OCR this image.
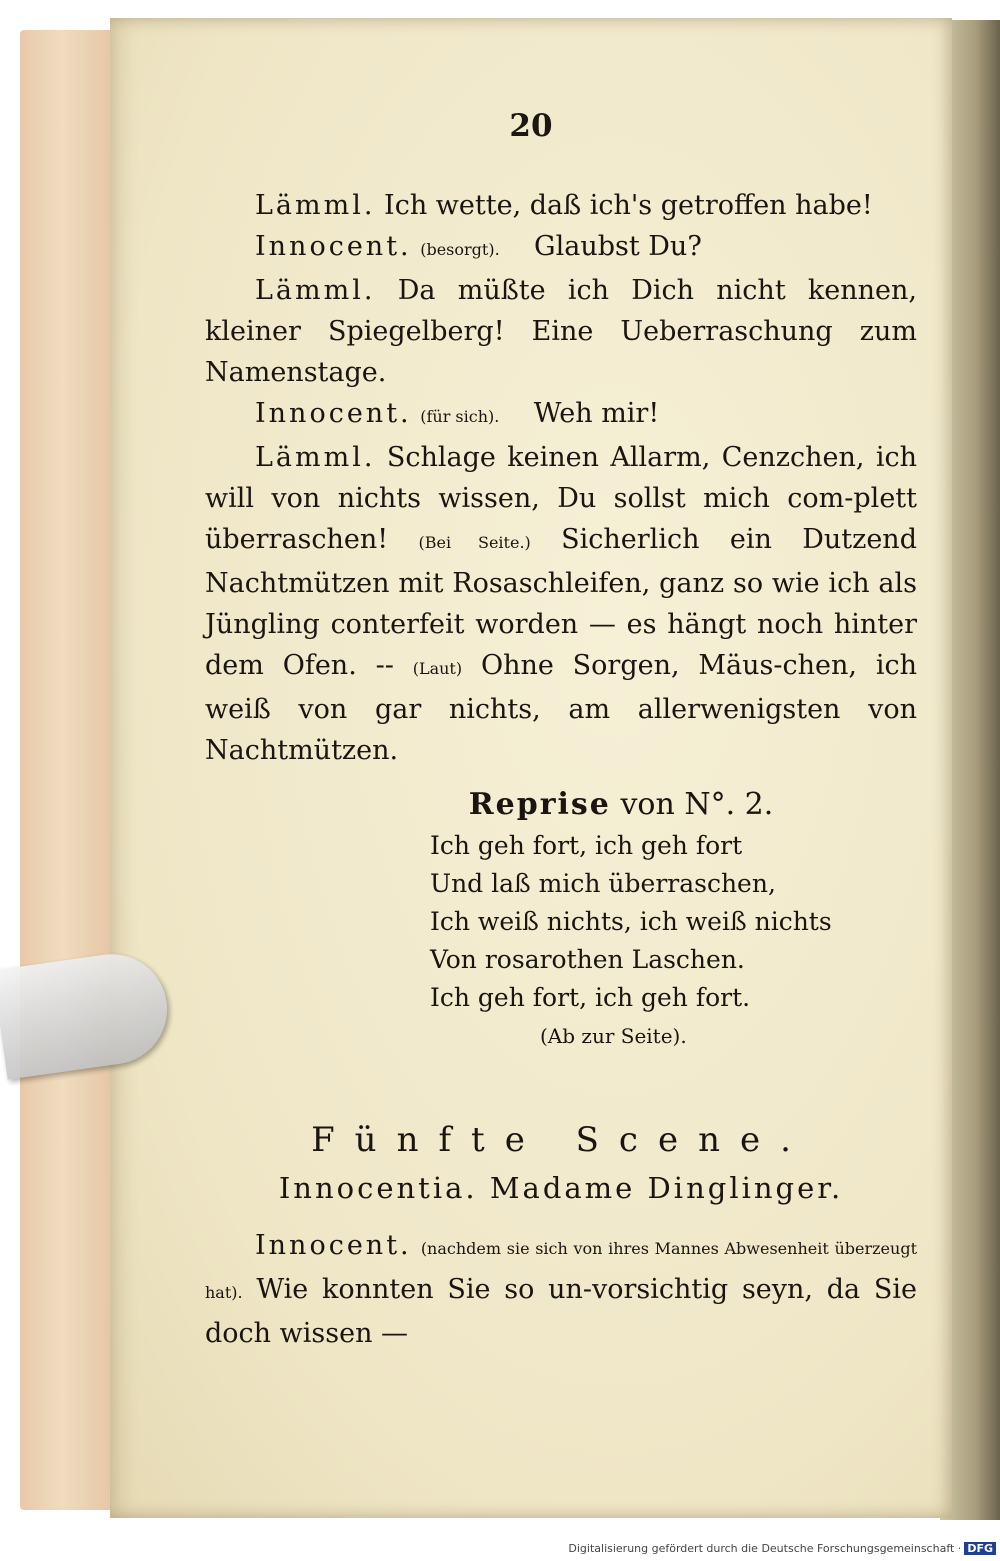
20

Lämml. Ich wette, daß ich's getroffen habe!

Innocent. (besorgt). Glaubst Du?

Lämml. Da müßte ich Dich nicht kennen, kleiner Spiegelberg! Eine Ueberraschung zum Namenstage.

Innocent. (für sich). Weh mir!

Lämml. Schlage keinen Allarm, Cenzchen, ich will von nichts wissen, Du sollst mich com-plett überraschen! (Bei Seite.) Sicherlich ein Dutzend Nachtmützen mit Rosaschleifen, ganz so wie ich als Jüngling conterfeit worden — es hängt noch hinter dem Ofen. -- (Laut) Ohne Sorgen, Mäus-chen, ich weiß von gar nichts, am allerwenigsten von Nachtmützen.

Reprise von N°. 2.
Ich geh fort, ich geh fort
Und laß mich überraschen,
Ich weiß nichts, ich weiß nichts
Von rosarothen Laschen.
Ich geh fort, ich geh fort.
(Ab zur Seite).
Fünfte Scene.
Innocentia. Madame Dinglinger.

Innocent. (nachdem sie sich von ihres Mannes Abwesenheit überzeugt hat). Wie konnten Sie so un-vorsichtig seyn, da Sie doch wissen —

Digitalisierung gefördert durch die Deutsche Forschungsgemeinschaft · DFG
